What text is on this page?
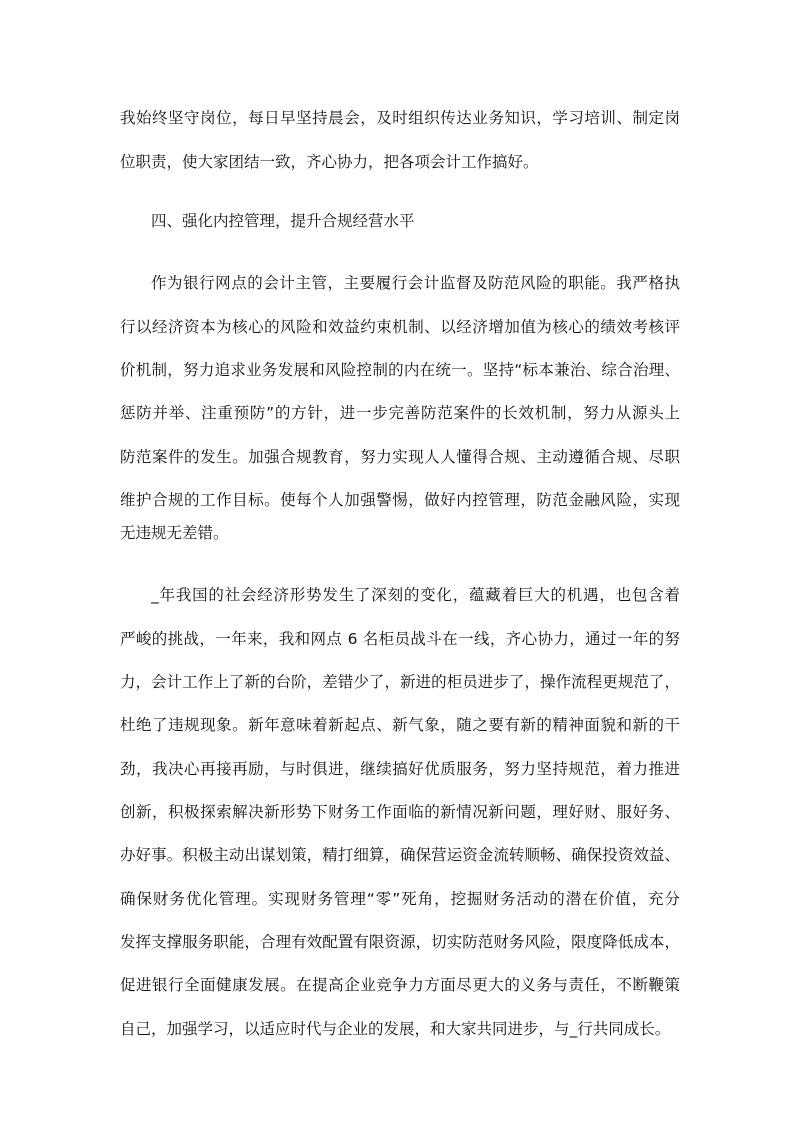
我始终坚守岗位，每日早坚持晨会，及时组织传达业务知识，学习培训、制定岗
位职责，使大家团结一致，齐心协力，把各项会计工作搞好。
四、强化内控管理，提升合规经营水平
作为银行网点的会计主管，主要履行会计监督及防范风险的职能。我严格执
行以经济资本为核心的风险和效益约束机制、以经济增加值为核心的绩效考核评
价机制，努力追求业务发展和风险控制的内在统一。坚持“标本兼治、综合治理、
惩防并举、注重预防”的方针，进一步完善防范案件的长效机制，努力从源头上
防范案件的发生。加强合规教育，努力实现人人懂得合规、主动遵循合规、尽职
维护合规的工作目标。使每个人加强警惕，做好内控管理，防范金融风险，实现
无违规无差错。
_年我国的社会经济形势发生了深刻的变化，蕴藏着巨大的机遇，也包含着
严峻的挑战，一年来，我和网点 6 名柜员战斗在一线，齐心协力，通过一年的努
力，会计工作上了新的台阶，差错少了，新进的柜员进步了，操作流程更规范了，
杜绝了违规现象。新年意味着新起点、新气象，随之要有新的精神面貌和新的干
劲，我决心再接再励，与时俱进，继续搞好优质服务，努力坚持规范，着力推进
创新，积极探索解决新形势下财务工作面临的新情况新问题，理好财、服好务、
办好事。积极主动出谋划策，精打细算，确保营运资金流转顺畅、确保投资效益、
确保财务优化管理。实现财务管理“零”死角，挖掘财务活动的潜在价值，充分
发挥支撑服务职能，合理有效配置有限资源，切实防范财务风险，限度降低成本，
促进银行全面健康发展。在提高企业竞争力方面尽更大的义务与责任，不断鞭策
自己，加强学习，以适应时代与企业的发展，和大家共同进步，与_行共同成长。
